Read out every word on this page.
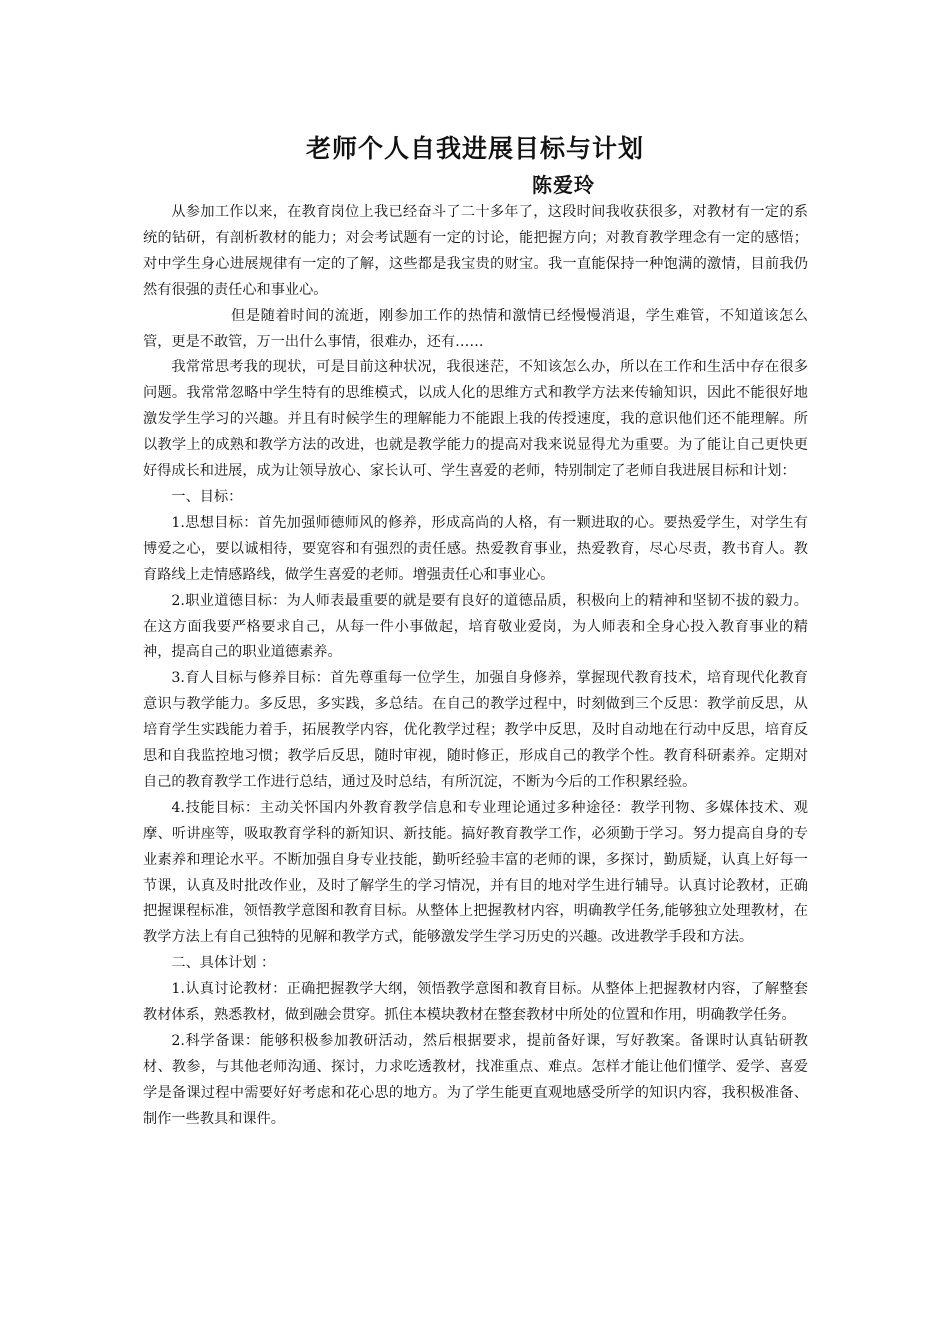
老师个人自我进展目标与计划
陈爱玲

从参加工作以来，在教育岗位上我已经奋斗了二十多年了，这段时间我收获很多，对教材有一定的系统的钻研，有剖析教材的能力；对会考试题有一定的讨论，能把握方向；对教育教学理念有一定的感悟；对中学生身心进展规律有一定的了解，这些都是我宝贵的财宝。我一直能保持一种饱满的激情，目前我仍然有很强的责任心和事业心。

但是随着时间的流逝，刚参加工作的热情和激情已经慢慢消退，学生难管，不知道该怎么管，更是不敢管，万一出什么事情，很难办，还有……

我常常思考我的现状，可是目前这种状况，我很迷茫，不知该怎么办，所以在工作和生活中存在很多问题。我常常忽略中学生特有的思维模式，以成人化的思维方式和教学方法来传输知识，因此不能很好地激发学生学习的兴趣。并且有时候学生的理解能力不能跟上我的传授速度，我的意识他们还不能理解。所以教学上的成熟和教学方法的改进，也就是教学能力的提高对我来说显得尤为重要。为了能让自己更快更好得成长和进展，成为让领导放心、家长认可、学生喜爱的老师，特别制定了老师自我进展目标和计划：

一、目标：

1.思想目标：首先加强师德师风的修养，形成高尚的人格，有一颗进取的心。要热爱学生，对学生有博爱之心，要以诚相待，要宽容和有强烈的责任感。热爱教育事业，热爱教育，尽心尽责，教书育人。教育路线上走情感路线，做学生喜爱的老师。增强责任心和事业心。

2.职业道德目标：为人师表最重要的就是要有良好的道德品质，积极向上的精神和坚韧不拔的毅力。在这方面我要严格要求自己，从每一件小事做起，培育敬业爱岗，为人师表和全身心投入教育事业的精神，提高自己的职业道德素养。

3.育人目标与修养目标：首先尊重每一位学生，加强自身修养，掌握现代教育技术，培育现代化教育意识与教学能力。多反思，多实践，多总结。在自己的教学过程中，时刻做到三个反思：教学前反思，从培育学生实践能力着手，拓展教学内容，优化教学过程；教学中反思，及时自动地在行动中反思，培育反思和自我监控地习惯；教学后反思，随时审视，随时修正，形成自己的教学个性。教育科研素养。定期对自己的教育教学工作进行总结，通过及时总结，有所沉淀，不断为今后的工作积累经验。

4.技能目标：主动关怀国内外教育教学信息和专业理论通过多种途径：教学刊物、多媒体技术、观摩、听讲座等，吸取教育学科的新知识、新技能。搞好教育教学工作，必须勤于学习。努力提高自身的专业素养和理论水平。不断加强自身专业技能，勤听经验丰富的老师的课，多探讨，勤质疑，认真上好每一节课，认真及时批改作业，及时了解学生的学习情况，并有目的地对学生进行辅导。认真讨论教材，正确把握课程标准，领悟教学意图和教育目标。从整体上把握教材内容，明确教学任务,能够独立处理教材，在教学方法上有自己独特的见解和教学方式，能够激发学生学习历史的兴趣。改进教学手段和方法。

二、具体计划 ：

1.认真讨论教材：正确把握教学大纲，领悟教学意图和教育目标。从整体上把握教材内容，了解整套教材体系，熟悉教材，做到融会贯穿。抓住本模块教材在整套教材中所处的位置和作用，明确教学任务。

2.科学备课：能够积极参加教研活动，然后根据要求，提前备好课，写好教案。备课时认真钻研教材、教参，与其他老师沟通、探讨，力求吃透教材，找准重点、难点。怎样才能让他们懂学、爱学、喜爱学是备课过程中需要好好考虑和花心思的地方。为了学生能更直观地感受所学的知识内容，我积极准备、制作一些教具和课件。
